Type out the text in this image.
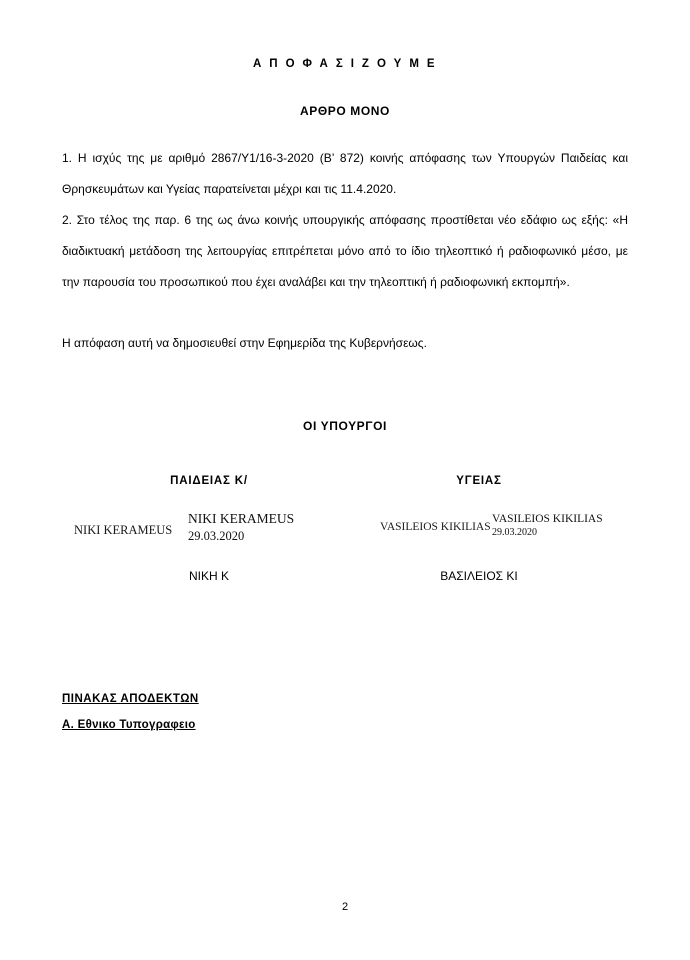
Α Π Ο Φ Α Σ Ι Ζ Ο Υ Μ Ε
ΑΡΘΡΟ ΜΟΝΟ
1. Η ισχύς της με αριθμό 2867/Υ1/16-3-2020 (Β’ 872) κοινής απόφασης των Υπουργών Παιδείας και Θρησκευμάτων και Υγείας παρατείνεται μέχρι και τις 11.4.2020.
2. Στο τέλος της παρ. 6 της ως άνω κοινής υπουργικής απόφασης προστίθεται νέο εδάφιο ως εξής: «Η διαδικτυακή μετάδοση της λειτουργίας επιτρέπεται μόνο από το ίδιο τηλεοπτικό ή ραδιοφωνικό μέσο, με την παρουσία του προσωπικού που έχει αναλάβει και την τηλεοπτική ή ραδιοφωνική εκπομπή».
Η απόφαση αυτή να δημοσιευθεί στην Εφημερίδα της Κυβερνήσεως.
ΟΙ ΥΠΟΥΡΓΟΙ
ΠΑΙΔΕΙΑΣ Κ/
NIKI KERAMEUS
NIKI KERAMEUS
29.03.2020
ΝΙΚΗ Κ
ΥΓΕΙΑΣ
VASILEIOS KIKILIAS
VASILEIOS KIKILIAS
29.03.2020
ΒΑΣΙΛΕΙΟΣ ΚΙ
ΠΙΝΑΚΑΣ ΑΠΟΔΕΚΤΩΝ
Α. Εθνικο Τυπογραφειο
2
